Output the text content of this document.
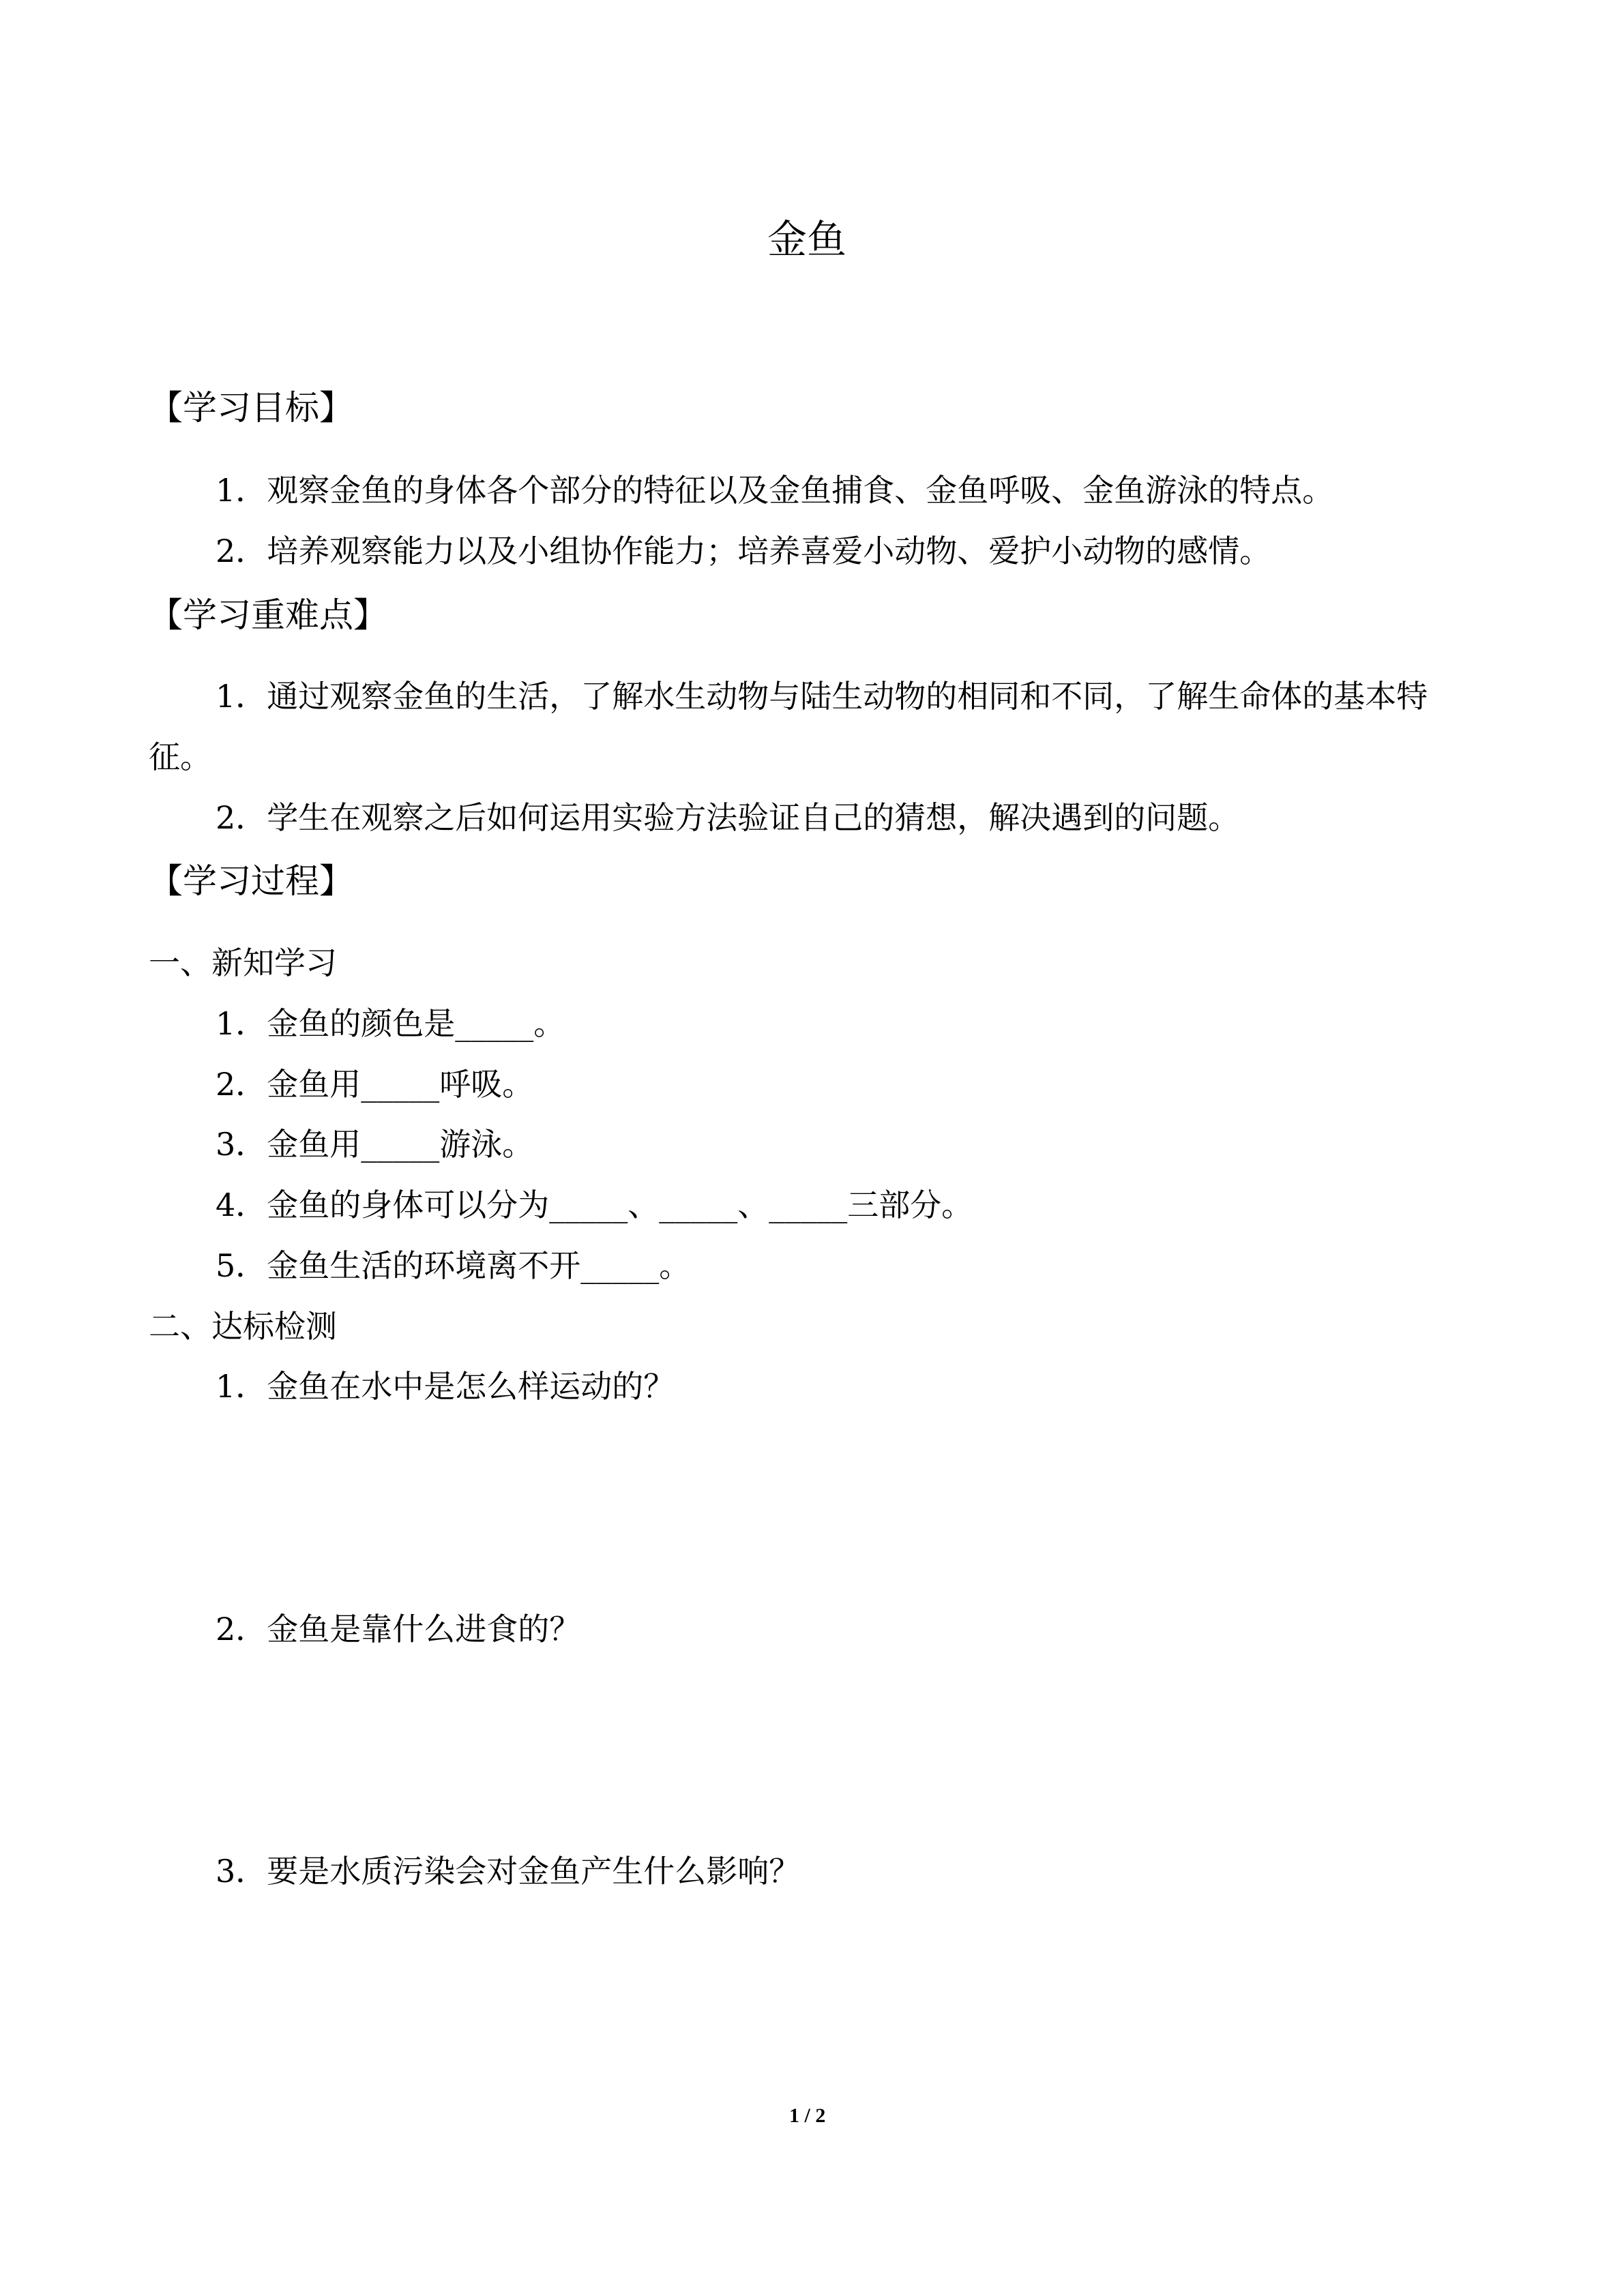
金鱼
【学习目标】
1．观察金鱼的身体各个部分的特征以及金鱼捕食、金鱼呼吸、金鱼游泳的特点。
2．培养观察能力以及小组协作能力；培养喜爱小动物、爱护小动物的感情。
【学习重难点】
1．通过观察金鱼的生活，了解水生动物与陆生动物的相同和不同，了解生命体的基本特
征。
2．学生在观察之后如何运用实验方法验证自己的猜想，解决遇到的问题。
【学习过程】
一、新知学习
1．金鱼的颜色是_____。
2．金鱼用_____呼吸。
3．金鱼用_____游泳。
4．金鱼的身体可以分为_____、_____、_____三部分。
5．金鱼生活的环境离不开_____。
二、达标检测
1．金鱼在水中是怎么样运动的？
2．金鱼是靠什么进食的？
3．要是水质污染会对金鱼产生什么影响？
1 / 2
